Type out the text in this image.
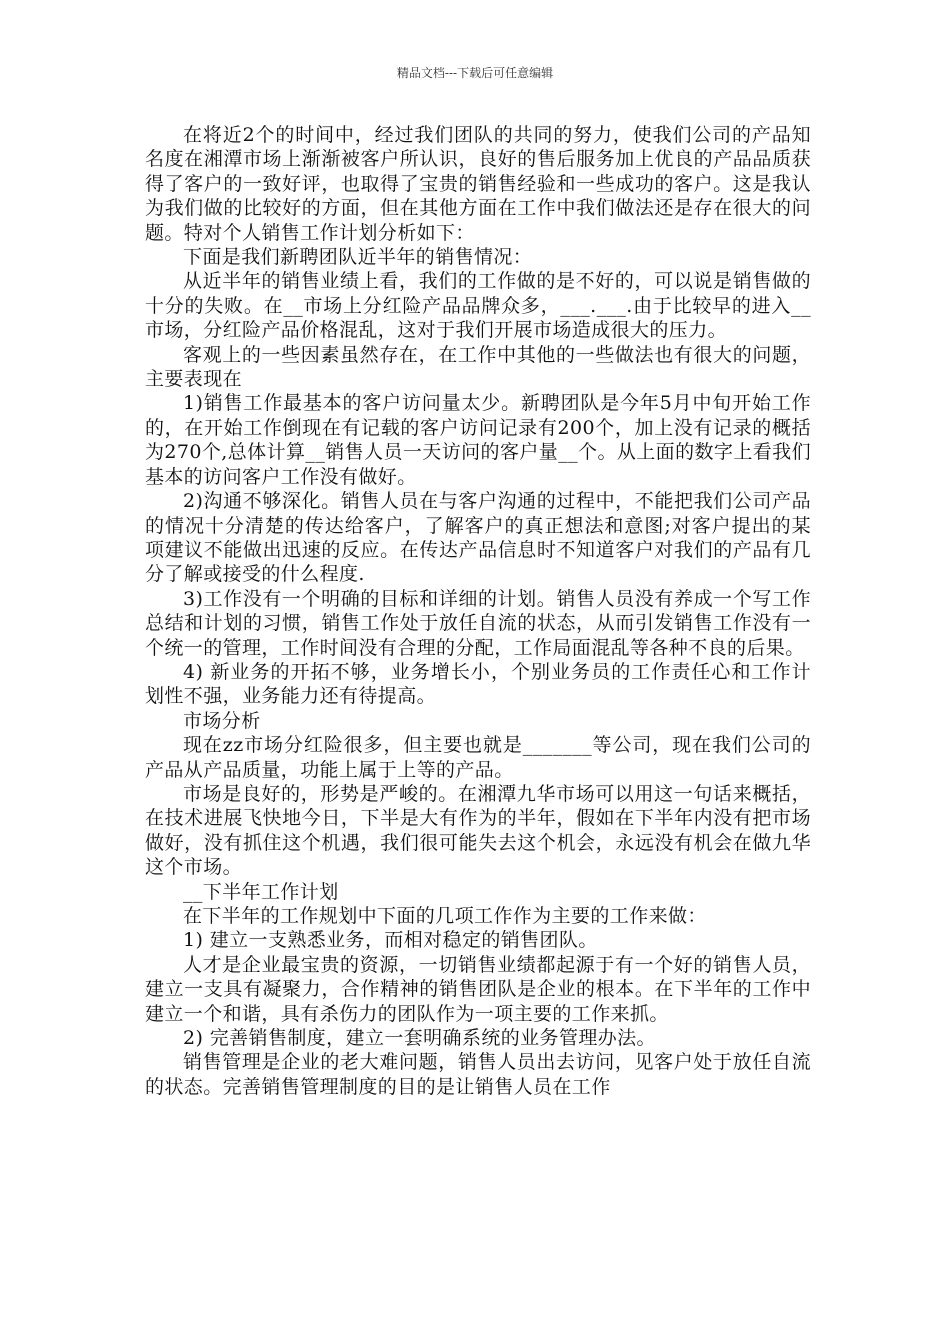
精品文档---下载后可任意编辑

在将近2个的时间中，经过我们团队的共同的努力，使我们公司的产品知名度在湘潭市场上渐渐被客户所认识，良好的售后服务加上优良的产品品质获得了客户的一致好评，也取得了宝贵的销售经验和一些成功的客户。这是我认为我们做的比较好的方面，但在其他方面在工作中我们做法还是存在很大的问题。特对个人销售工作计划分析如下：

下面是我们新聘团队近半年的销售情况：

从近半年的销售业绩上看，我们的工作做的是不好的，可以说是销售做的十分的失败。在__市场上分红险产品品牌众多，___.___.由于比较早的进入__市场，分红险产品价格混乱，这对于我们开展市场造成很大的压力。

客观上的一些因素虽然存在，在工作中其他的一些做法也有很大的问题，主要表现在

1)销售工作最基本的客户访问量太少。新聘团队是今年5月中旬开始工作的，在开始工作倒现在有记载的客户访问记录有200个，加上没有记录的概括为270个,总体计算__销售人员一天访问的客户量__个。从上面的数字上看我们基本的访问客户工作没有做好。

2)沟通不够深化。销售人员在与客户沟通的过程中，不能把我们公司产品的情况十分清楚的传达给客户，了解客户的真正想法和意图;对客户提出的某项建议不能做出迅速的反应。在传达产品信息时不知道客户对我们的产品有几分了解或接受的什么程度.

3)工作没有一个明确的目标和详细的计划。销售人员没有养成一个写工作总结和计划的习惯，销售工作处于放任自流的状态，从而引发销售工作没有一个统一的管理，工作时间没有合理的分配，工作局面混乱等各种不良的后果。

4) 新业务的开拓不够，业务增长小，个别业务员的工作责任心和工作计划性不强，业务能力还有待提高。

市场分析

现在zz市场分红险很多，但主要也就是_______等公司，现在我们公司的产品从产品质量，功能上属于上等的产品。

市场是良好的，形势是严峻的。在湘潭九华市场可以用这一句话来概括，在技术进展飞快地今日，下半是大有作为的半年，假如在下半年内没有把市场做好，没有抓住这个机遇，我们很可能失去这个机会，永远没有机会在做九华这个市场。

__下半年工作计划

在下半年的工作规划中下面的几项工作作为主要的工作来做：

1) 建立一支熟悉业务，而相对稳定的销售团队。

人才是企业最宝贵的资源，一切销售业绩都起源于有一个好的销售人员，建立一支具有凝聚力，合作精神的销售团队是企业的根本。在下半年的工作中建立一个和谐，具有杀伤力的团队作为一项主要的工作来抓。

2) 完善销售制度，建立一套明确系统的业务管理办法。

销售管理是企业的老大难问题，销售人员出去访问，见客户处于放任自流的状态。完善销售管理制度的目的是让销售人员在工作
